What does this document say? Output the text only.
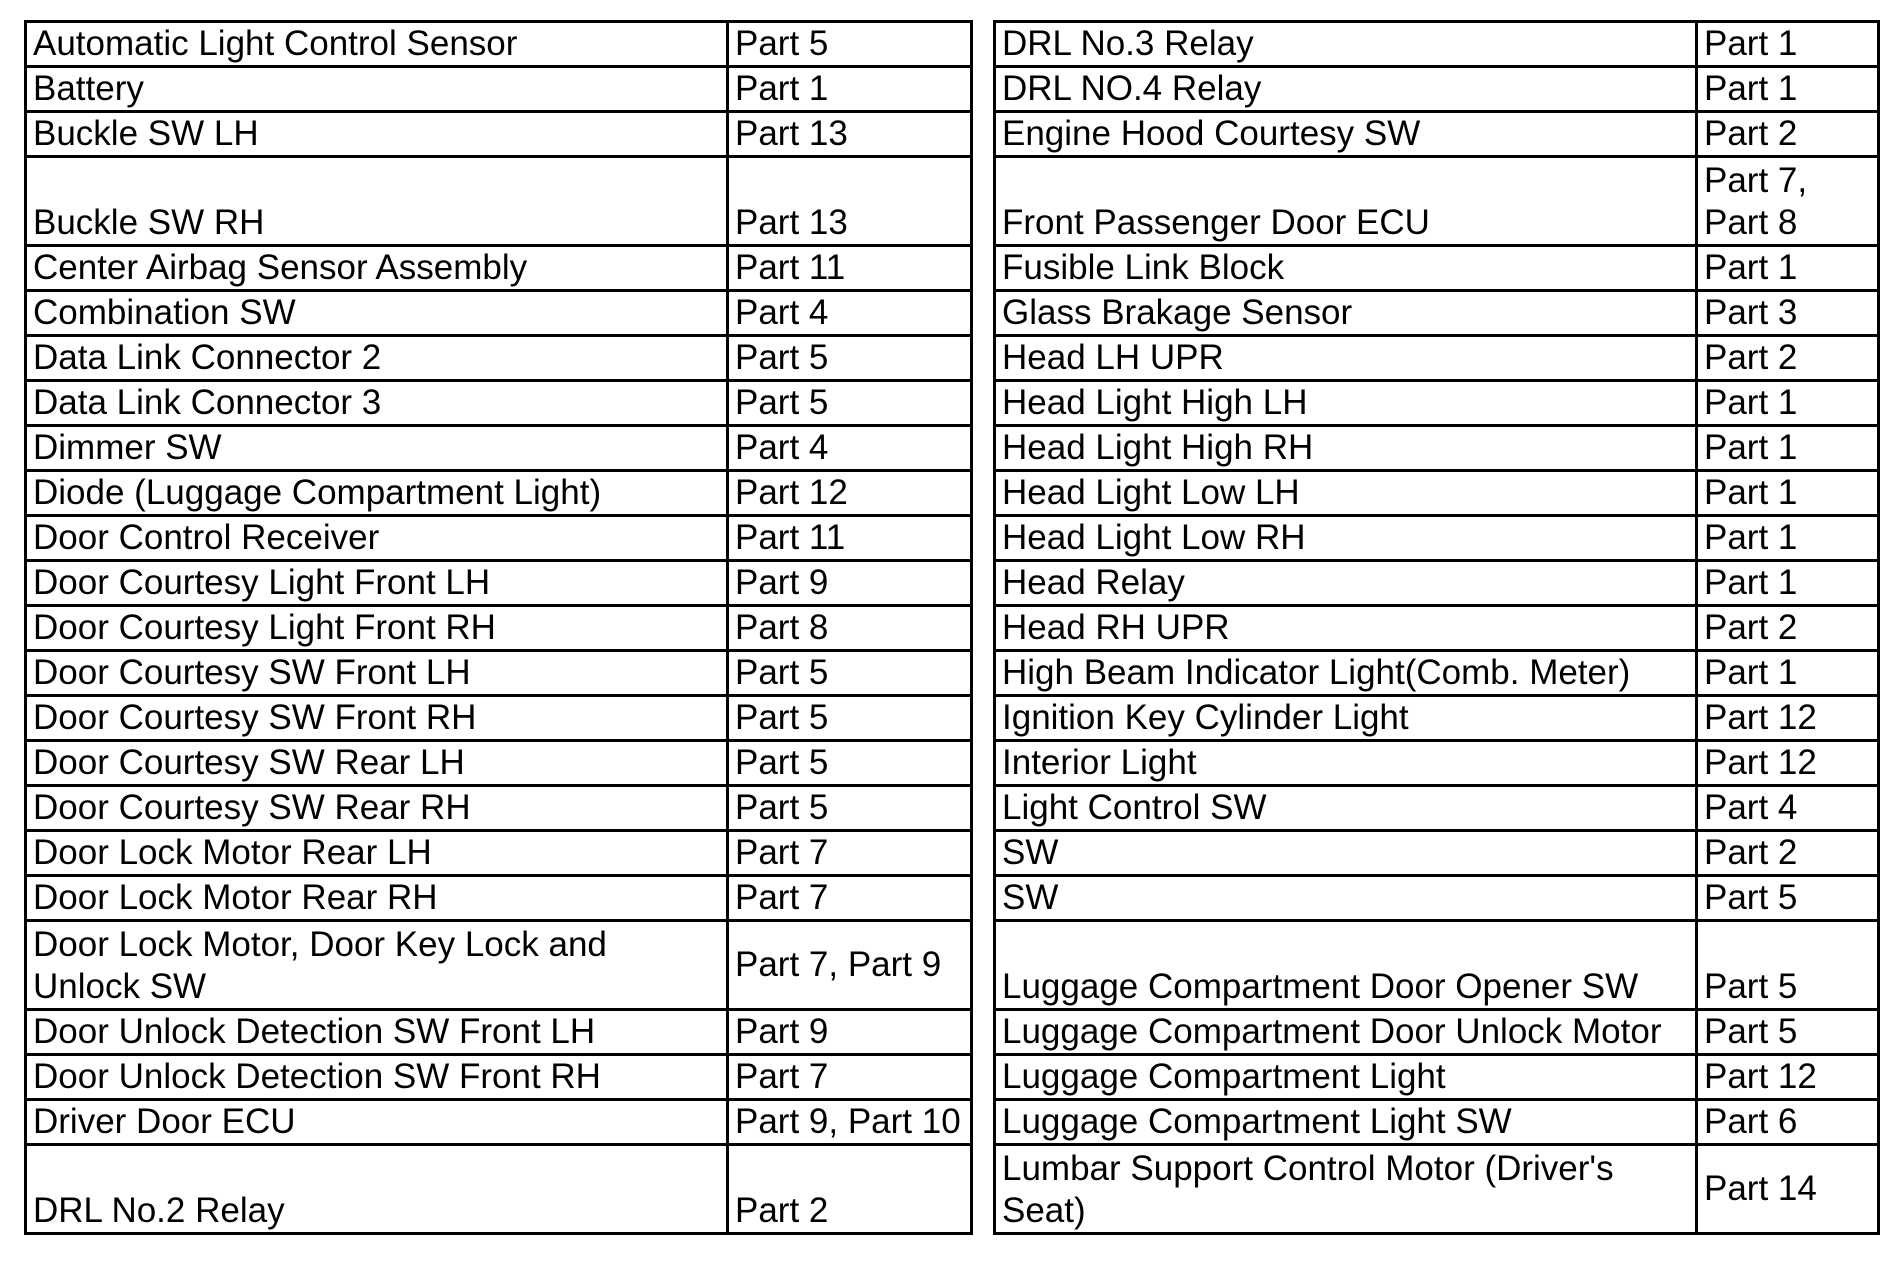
Automatic Light Control Sensor	Part 5
Battery	Part 1
Buckle SW LH	Part 13
Buckle SW RH	Part 13
Center Airbag Sensor Assembly	Part 11
Combination SW	Part 4
Data Link Connector 2	Part 5
Data Link Connector 3	Part 5
Dimmer SW	Part 4
Diode (Luggage Compartment Light)	Part 12
Door Control Receiver	Part 11
Door Courtesy Light Front LH	Part 9
Door Courtesy Light Front RH	Part 8
Door Courtesy SW Front LH	Part 5
Door Courtesy SW Front RH	Part 5
Door Courtesy SW Rear LH	Part 5
Door Courtesy SW Rear RH	Part 5
Door Lock Motor Rear LH	Part 7
Door Lock Motor Rear RH	Part 7
Door Lock Motor, Door Key Lock and Unlock SW	Part 7, Part 9
Door Unlock Detection SW Front LH	Part 9
Door Unlock Detection SW Front RH	Part 7
Driver Door ECU	Part 9, Part 10
DRL No.2 Relay	Part 2
DRL No.3 Relay	Part 1
DRL NO.4 Relay	Part 1
Engine Hood Courtesy SW	Part 2
Front Passenger Door ECU	Part 7, Part 8
Fusible Link Block	Part 1
Glass Brakage Sensor	Part 3
Head LH UPR	Part 2
Head Light High LH	Part 1
Head Light High RH	Part 1
Head Light Low LH	Part 1
Head Light Low RH	Part 1
Head Relay	Part 1
Head RH UPR	Part 2
High Beam Indicator Light(Comb. Meter)	Part 1
Ignition Key Cylinder Light	Part 12
Interior Light	Part 12
Light Control SW	Part 4
SW	Part 2
SW	Part 5
Luggage Compartment Door Opener SW	Part 5
Luggage Compartment Door Unlock Motor	Part 5
Luggage Compartment Light	Part 12
Luggage Compartment Light SW	Part 6
Lumbar Support Control Motor (Driver's Seat)	Part 14
